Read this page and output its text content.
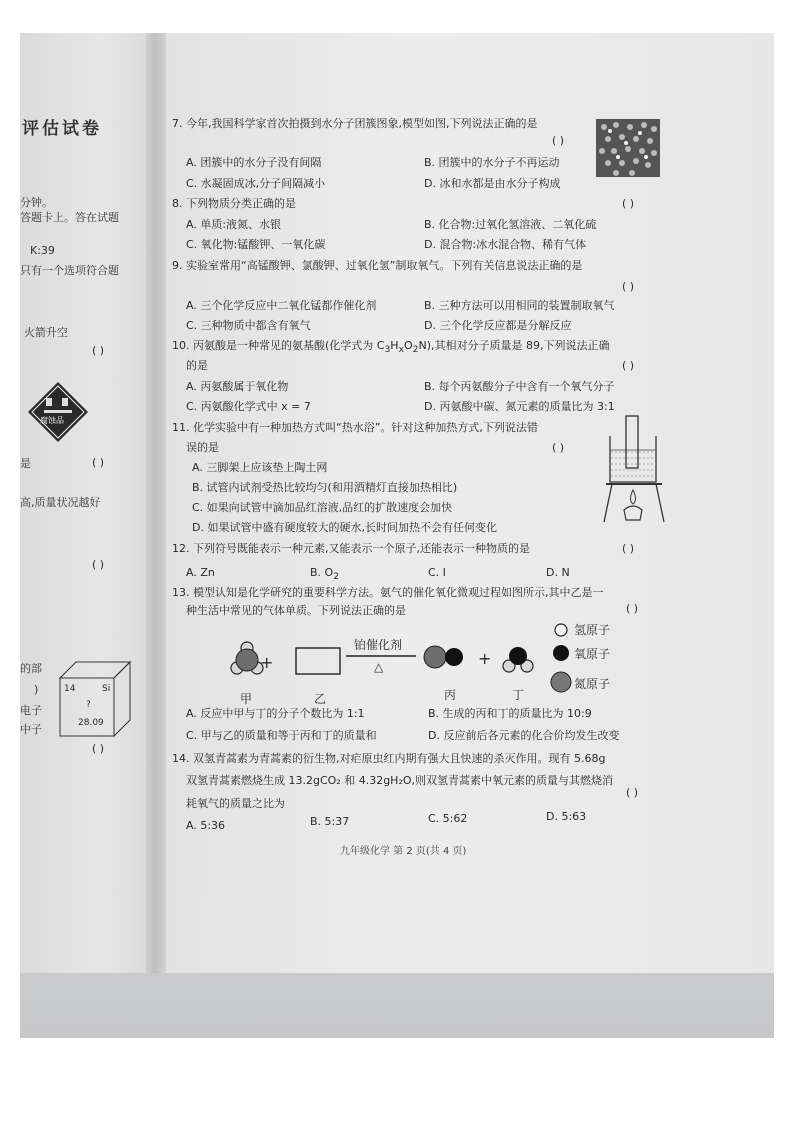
评估试卷
分钟。
答题卡上。答在试题
K:39
只有一个选项符合题
火箭升空
( )
腐蚀品
是	( )
高,质量状况越好
( )
的部
)
电子
中子
( )
14	Si
?
28.09
7. 今年,我国科学家首次拍摄到水分子团簇图象,模型如图,下列说法正确的是
( )
A. 团簇中的水分子没有间隔	B. 团簇中的水分子不再运动
C. 水凝固成冰,分子间隔减小	D. 冰和水都是由水分子构成
8. 下列物质分类正确的是	( )
A. 单质:液氮、水银	B. 化合物:过氧化氢溶液、二氧化硫
C. 氧化物:锰酸钾、一氧化碳	D. 混合物:冰水混合物、稀有气体
9. 实验室常用“高锰酸钾、氯酸钾、过氧化氢”制取氧气。下列有关信息说法正确的是
( )
A. 三个化学反应中二氧化锰都作催化剂	B. 三种方法可以用相同的装置制取氧气
C. 三种物质中都含有氧气	D. 三个化学反应都是分解反应
10. 丙氨酸是一种常见的氨基酸(化学式为 $C_3H_xO_2N$),其相对分子质量是 89,下列说法正确
的是	( )
A. 丙氨酸属于氧化物	B. 每个丙氨酸分子中含有一个氧气分子
C. 丙氨酸化学式中 x = 7	D. 丙氨酸中碳、氮元素的质量比为 3:1
11. 化学实验中有一种加热方式叫“热水浴”。针对这种加热方式,下列说法错
误的是	( )
A. 三脚架上应该垫上陶土网
B. 试管内试剂受热比较均匀(和用酒精灯直接加热相比)
C. 如果向试管中滴加品红溶液,品红的扩散速度会加快
D. 如果试管中盛有硬度较大的硬水,长时间加热不会有任何变化
12. 下列符号既能表示一种元素,又能表示一个原子,还能表示一种物质的是	( )
A. Zn	B. $O_2$	C. I	D. N
13. 模型认知是化学研究的重要科学方法。氨气的催化氧化微观过程如图所示,其中乙是一
种生活中常见的气体单质。下列说法正确的是	( )
+	+
铂催化剂
△
甲	乙	丙	丁
氢原子
氧原子
氮原子
A. 反应中甲与丁的分子个数比为 1:1	B. 生成的丙和丁的质量比为 10:9
C. 甲与乙的质量和等于丙和丁的质量和	D. 反应前后各元素的化合价均发生改变
14. 双氢青蒿素为青蒿素的衍生物,对疟原虫红内期有强大且快速的杀灭作用。现有 5.68g
双氢青蒿素燃烧生成 13.2gCO₂ 和 4.32gH₂O,则双氢青蒿素中氧元素的质量与其燃烧消
耗氧气的质量之比为
( )
A. 5:36	B. 5:37	C. 5:62	D. 5:63
九年级化学 第 2 页(共 4 页)
